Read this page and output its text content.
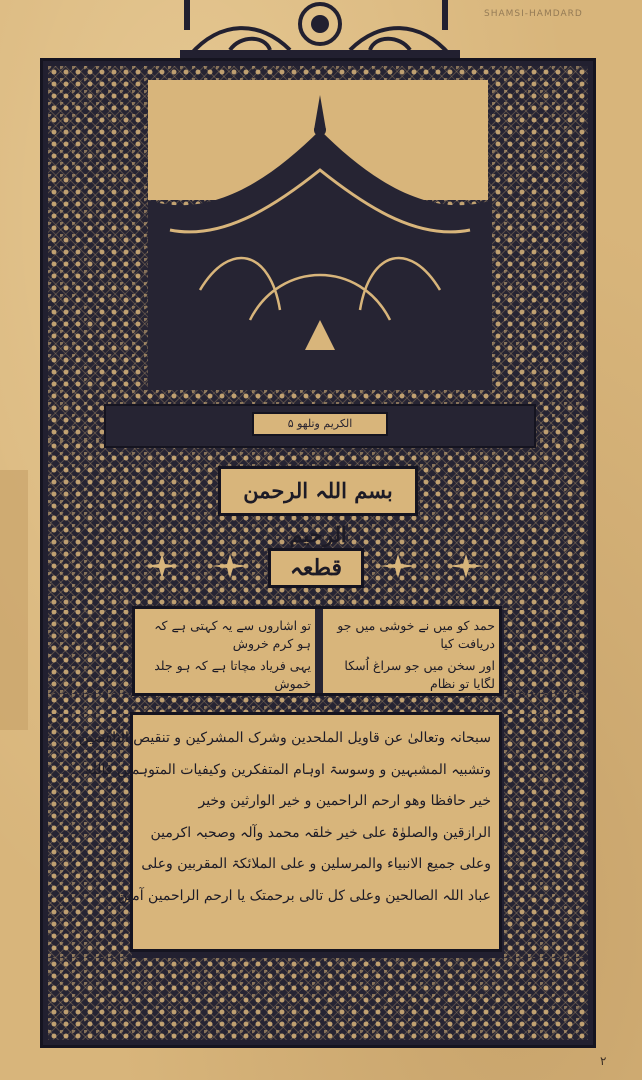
SHAMSI-HAMDARD
الکریم وتلھو ۵
بسم اللہ الرحمن الرحیم
قطعہ
حمد کو میں نے خوشی میں جو دریافت کیا
اور سخن میں جو سراغ اُسکا لگایا تو نظام
تو اشاروں سے یہ کہتی ہے کہ ہو کرم خروش
یہی فریاد مچاتا ہے کہ ہو جلد خموش
سبحانہ وتعالیٰ عن قاویل الملحدین وشرک المشرکین و تنقیص الناقصین
وتشبیہ المشبہین و وسوسۃ اوہام المتفکرین وکیفیات المتوہمین فالله
خیر حافظا وھو ارحم الراحمین و خیر الوارثین وخیر
الرازقین والصلوٰۃ علی خیر خلقہ محمد وآلہ وصحبہ اکرمین
وعلی جمیع الانبیاء والمرسلین و علی الملائکۃ المقربین وعلی
عباد اللہ الصالحین وعلی کل تالی برحمتک یا ارحم الراحمین آمین
۲
